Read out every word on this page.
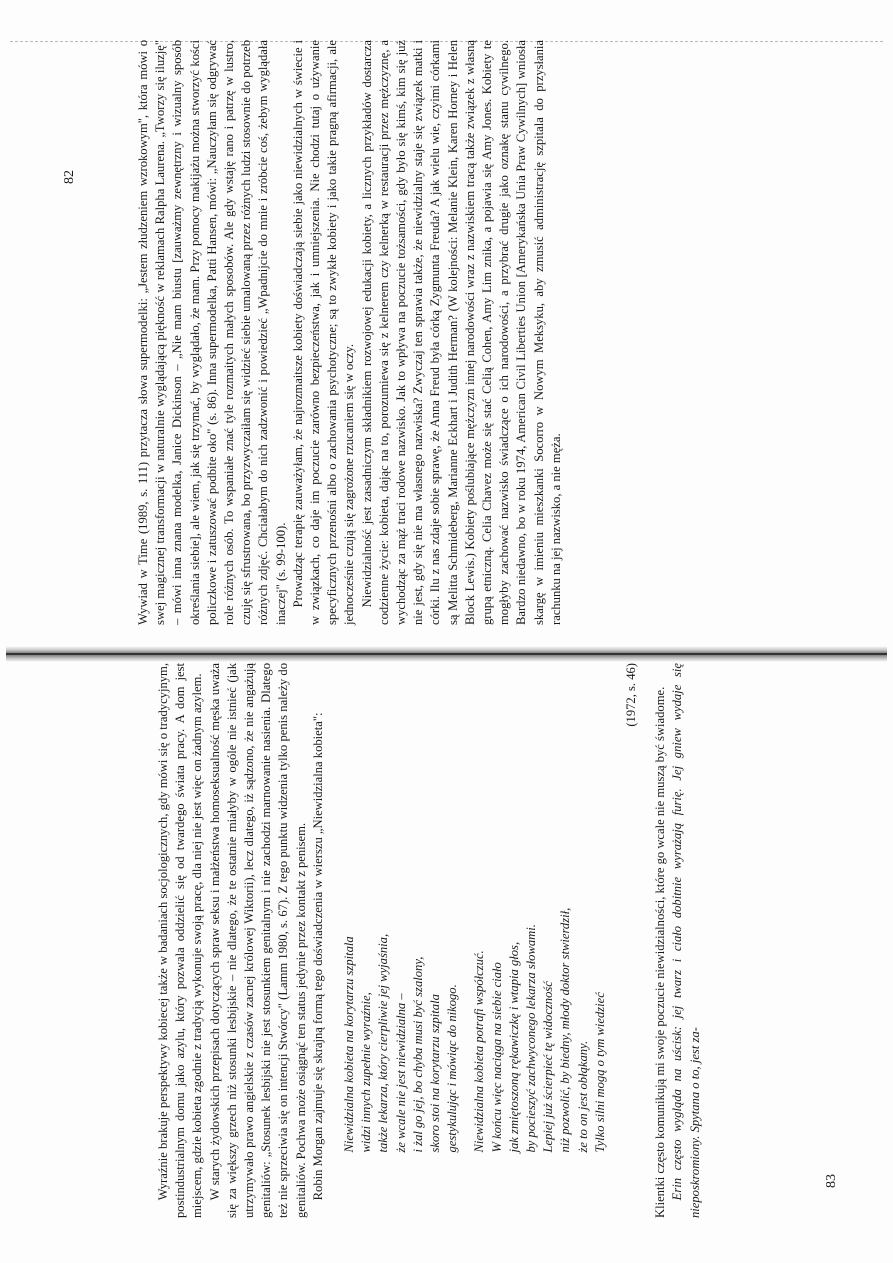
Wywiad w Time (1989, s. 111) przytacza słowa supermodelki: „Jestem złudzeniem wzrokowym", która mówi o swej magicznej transformacji w naturalnie wyglądającą piękność w reklamach Ralpha Laurena. „Tworzy się iluzję" – mówi inna znana modelka, Janice Dickinson – „Nie mam biustu [zauważmy zewnętrzny i wizualny sposób określania siebie], ale wiem, jak się trzymać, by wyglądało, że mam. Przy pomocy makijażu można stworzyć kości policzkowe i zatuszować podbite oko" (s. 86). Inna supermodelka, Patti Hansen, mówi: „Nauczyłam się odgrywać role różnych osób. To wspaniałe znać tyle rozmaitych małych sposobów. Ale gdy wstaję rano i patrzę w lustro, czuję się sfrustrowana, bo przyzwyczaiłam się widzieć siebie umalowaną przez różnych ludzi stosownie do potrzeb różnych zdjęć. Chciałabym do nich zadzwonić i powiedzieć „Wpadnijcie do mnie i zróbcie coś, żebym wyglądała inaczej" (s. 99-100). Prowadząc terapię zauważyłam, że najrozmaitsze kobiety doświadczają siebie jako niewidzialnych w świecie i w związkach, co daje im poczucie zarówno bezpieczeństwa, jak i umniejszenia. Nie chodzi tutaj o używanie specyficznych przenośni albo o zachowania psychotyczne; są to zwykłe kobiety i jako takie pragną afirmacji, ale jednocześnie czują się zagrożone rzucaniem się w oczy. Niewidzialność jest zasadniczym składnikiem rozwojowej edukacji kobiety, a licznych przykładów dostarcza codzienne życie: kobieta, dając na to, porozumiewa się z kelnerem czy kelnerką w restauracji przez mężczyznę, a wychodząc za mąż traci rodowe nazwisko. Jak to wpływa na poczucie tożsamości, gdy było się kimś, kim się już nie jest, gdy się nie ma własnego nazwiska? Zwyczaj ten sprawia także, że niewidzialny staje się związek matki i córki. Ilu z nas zdaje sobie sprawę, że Anna Freud była córką Zygmunta Freuda? A jak wielu wie, czyimi córkami są Melitta Schmideberg, Marianne Eckhart i Judith Herman? (W kolejności: Melanie Klein, Karen Horney i Helen Block Lewis.) Kobiety poślubiające mężczyzn innej narodowości wraz z nazwiskiem tracą także związek z własną grupą etniczną. Celia Chavez może się stać Celią Cohen, Amy Lim znika, a pojawia się Amy Jones. Kobiety te mogłyby zachować nazwisko świadczące o ich narodowości, a przybrać drugie jako oznakę stanu cywilnego. Bardzo niedawno, bo w roku 1974, American Civil Liberties Union [Amerykańska Unia Praw Cywilnych] wniosła skargę w imieniu mieszkanki Socorro w Nowym Meksyku, aby zmusić administrację szpitala do przysłania rachunku na jej nazwisko, a nie męża.

82

Wyraźnie brakuje perspektywy kobiecej także w badaniach socjologicznych, gdy mówi się o tradycyjnym, postindustrialnym domu jako azylu, który pozwala oddzielić się od twardego świata pracy. A dom jest miejscem, gdzie kobieta zgodnie z tradycją wykonuje swoją pracę, dla niej nie jest więc on żadnym azylem. W starych żydowskich przepisach dotyczących spraw seksu i małżeństwa homoseksualność męska uważa się za większy grzech niż stosunki lesbijskie – nie dlatego, że te ostatnie miałyby w ogóle nie istnieć (jak utrzymywało prawo angielskie z czasów zacnej królowej Wiktorii), lecz dlatego, iż sądzono, że nie angażują genitaliów: „Stosunek lesbijski nie jest stosunkiem genitalnym i nie zachodzi marnowanie nasienia. Dlatego też nie sprzeciwia się on intencji Stwórcy" (Lamm 1980, s. 67). Z tego punktu widzenia tylko penis należy do genitaliów. Pochwa może osiągnąć ten status jedynie przez kontakt z penisem. Robin Morgan zajmuje się skrajną formą tego doświadczenia w wierszu „Niewidzialna kobieta": Niewidzialna kobieta na korytarzu szpitala widzi innych zupełnie wyraźnie, także lekarza, który cierpliwie jej wyjaśnia, że wcale nie jest niewidzialna – i żal go jej, bo chyba musi być szalony, skoro stoi na korytarzu szpitala gestykulując i mówiąc do nikogo. Niewidzialna kobieta potrafi współczuć. W końcu więc naciąga na siebie ciało jak zmiętoszoną rękawiczkę i wtapia głos, by pocieszyć zachwyconego lekarza słowami. Lepiej już ścierpieć tę widoczność niż pozwolić, by biedny, młody doktor stwierdził, że to on jest obłąkany. Tylko silni mogą o tym wiedzieć
(1972, s. 46) Klientki często komunikują mi swoje poczucie niewidzialności, które go wcale nie muszą być świadome. Erin często wygląda na uścisk: jej twarz i ciało dobitnie wyrażają furię. Jej gniew wydaje się nieposkromiony. Spytana o to, jest za-	83
